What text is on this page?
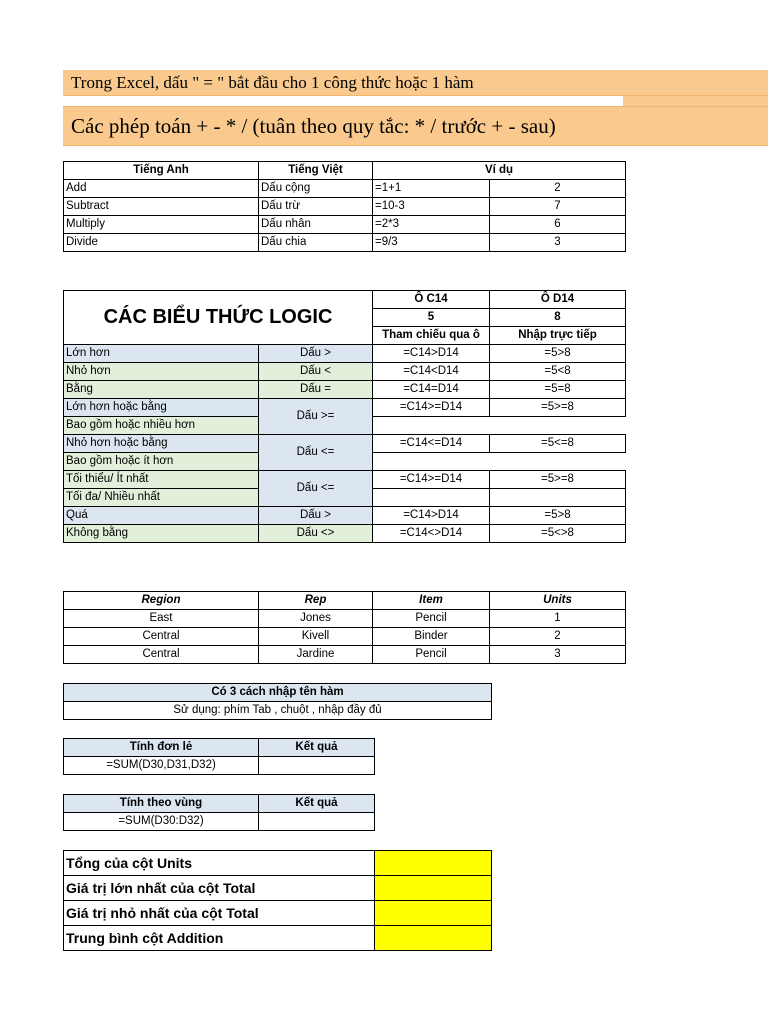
Trong Excel, dấu " = " bắt đầu cho 1 công thức hoặc 1 hàm
Các phép toán + - * / (tuân theo quy tắc: * / trước + - sau)
Tiếng Anh	Tiếng Việt	Ví dụ	
Add	Dấu cộng	=1+1	2
Subtract	Dấu trừ	=10-3	7
Multiply	Dấu nhân	=2*3	6
Divide	Dấu chia	=9/3	3
CÁC BIỂU THỨC LOGIC		Ô C14	Ô D14
		5	8
		Tham chiếu qua ô	Nhập trực tiếp
Lớn hơn	Dấu >	=C14>D14	=5>8
Nhỏ hơn	Dấu <	=C14<D14	=5<8
Bằng	Dấu =	=C14=D14	=5=8
Lớn hơn hoặc bằng	Dấu >=	=C14>=D14	=5>=8
Bao gồm hoặc nhiều hơn			
Nhỏ hơn hoặc bằng	Dấu <=	=C14<=D14	=5<=8
Bao gồm hoặc ít hơn			
Tối thiểu/ Ít nhất	Dấu <=	=C14>=D14	=5>=8
Tối đa/ Nhiều nhất			
Quá	Dấu >	=C14>D14	=5>8
Không bằng	Dấu <>	=C14<>D14	=5<>8
Region	Rep	Item	Units
East	Jones	Pencil	1
Central	Kivell	Binder	2
Central	Jardine	Pencil	3
Có 3 cách nhập tên hàm
Sử dụng: phím Tab , chuột , nhập đầy đủ
Tính đơn lẻ	Kết quả
=SUM(D30,D31,D32)	
Tính theo vùng	Kết quả
=SUM(D30:D32)	
Tổng của cột Units	
Giá trị lớn nhất của cột Total	
Giá trị nhỏ nhất của cột Total	
Trung bình cột Addition	
